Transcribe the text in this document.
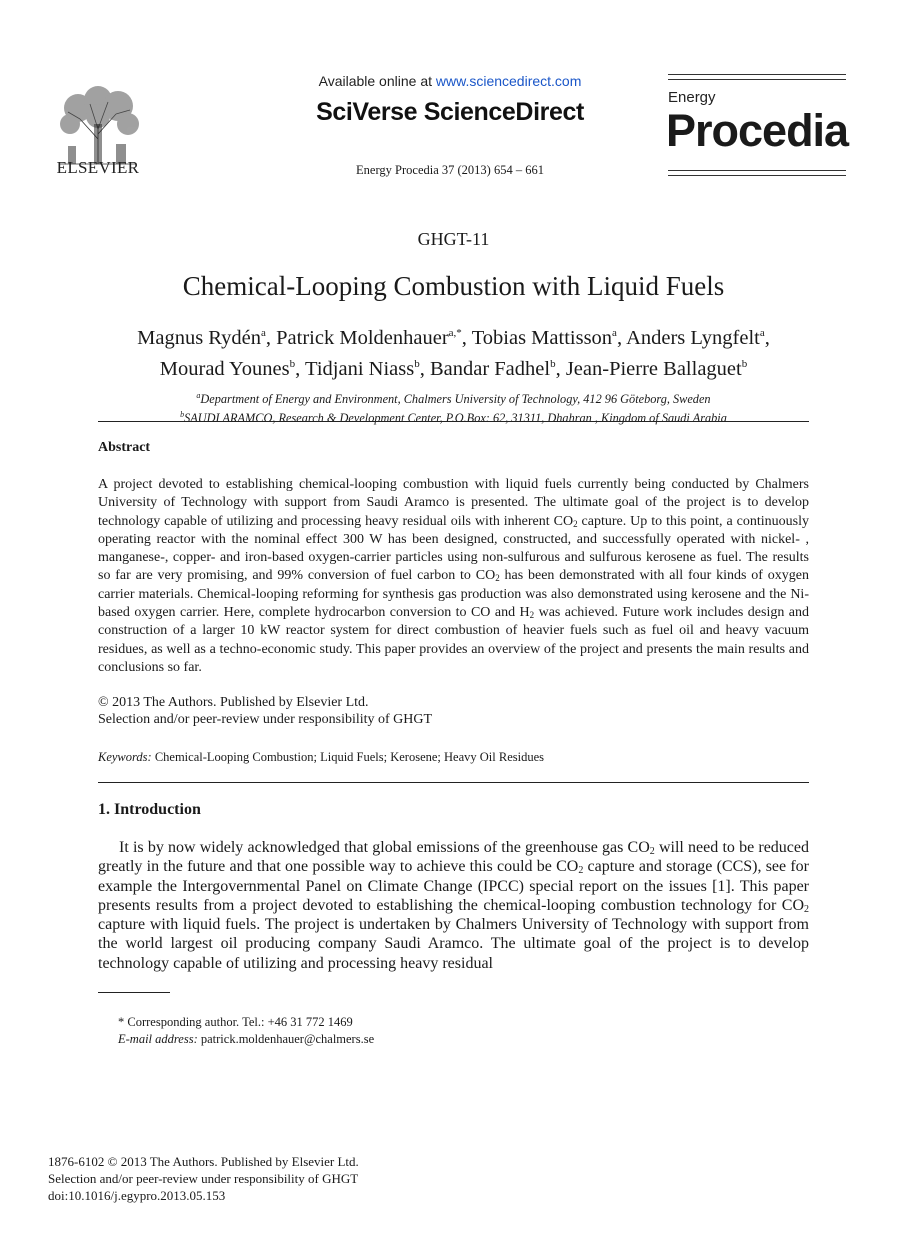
ELSEVIER
Available online at www.sciencedirect.com
SciVerse ScienceDirect
Energy Procedia 37 (2013) 654 – 661
Energy
Procedia
GHGT-11
Chemical-Looping Combustion with Liquid Fuels
Magnus Rydén$^a$, Patrick Moldenhauer$^{a,*}$, Tobias Mattisson$^a$, Anders Lyngfelt$^a$,
Mourad Younes$^b$, Tidjani Niass$^b$, Bandar Fadhel$^b$, Jean-Pierre Ballaguet$^b$
$^a$Department of Energy and Environment, Chalmers University of Technology, 412 96 Göteborg, Sweden
$^b$SAUDI ARAMCO, Research & Development Center, P.O.Box: 62, 31311, Dhahran , Kingdom of Saudi Arabia
Abstract
A project devoted to establishing chemical-looping combustion with liquid fuels currently being conducted by Chalmers University of Technology with support from Saudi Aramco is presented. The ultimate goal of the project is to develop technology capable of utilizing and processing heavy residual oils with inherent $CO_2$ capture. Up to this point, a continuously operating reactor with the nominal effect 300 W has been designed, constructed, and successfully operated with nickel- , manganese-, copper- and iron-based oxygen-carrier particles using non-sulfurous and sulfurous kerosene as fuel. The results so far are very promising, and 99% conversion of fuel carbon to $CO_2$ has been demonstrated with all four kinds of oxygen carrier materials. Chemical-looping reforming for synthesis gas production was also demonstrated using kerosene and the Ni-based oxygen carrier. Here, complete hydrocarbon conversion to CO and $H_2$ was achieved. Future work includes design and construction of a larger 10 kW reactor system for direct combustion of heavier fuels such as fuel oil and heavy vacuum residues, as well as a techno-economic study. This paper provides an overview of the project and presents the main results and conclusions so far.
© 2013 The Authors. Published by Elsevier Ltd.
Selection and/or peer-review under responsibility of GHGT
Keywords: Chemical-Looping Combustion; Liquid Fuels; Kerosene; Heavy Oil Residues
1. Introduction
It is by now widely acknowledged that global emissions of the greenhouse gas $CO_2$ will need to be reduced greatly in the future and that one possible way to achieve this could be $CO_2$ capture and storage (CCS), see for example the Intergovernmental Panel on Climate Change (IPCC) special report on the issues [1]. This paper presents results from a project devoted to establishing the chemical-looping combustion technology for $CO_2$ capture with liquid fuels. The project is undertaken by Chalmers University of Technology with support from the world largest oil producing company Saudi Aramco. The ultimate goal of the project is to develop technology capable of utilizing and processing heavy residual
* Corresponding author. Tel.: +46 31 772 1469
E-mail address: patrick.moldenhauer@chalmers.se
1876-6102 © 2013 The Authors. Published by Elsevier Ltd.
Selection and/or peer-review under responsibility of GHGT
doi:10.1016/j.egypro.2013.05.153
